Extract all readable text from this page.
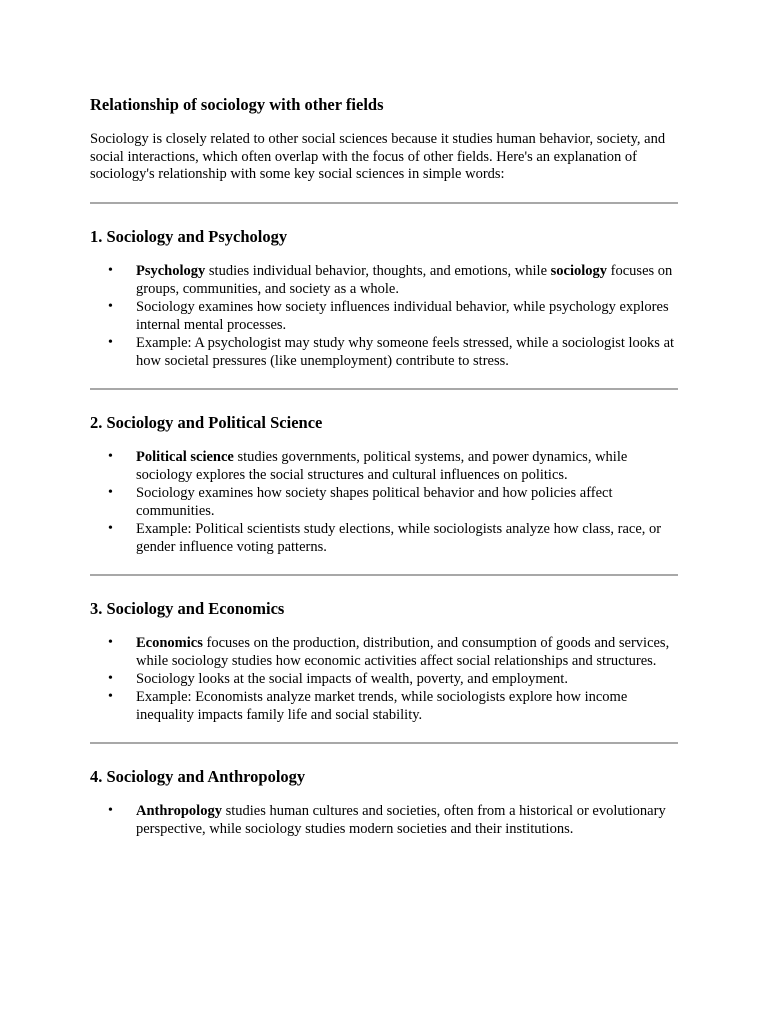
Relationship of sociology with other fields

Sociology is closely related to other social sciences because it studies human behavior, society, and social interactions, which often overlap with the focus of other fields. Here's an explanation of sociology's relationship with some key social sciences in simple words:

1. Sociology and Psychology
• Psychology studies individual behavior, thoughts, and emotions, while sociology focuses on groups, communities, and society as a whole.
• Sociology examines how society influences individual behavior, while psychology explores internal mental processes.
• Example: A psychologist may study why someone feels stressed, while a sociologist looks at how societal pressures (like unemployment) contribute to stress.
2. Sociology and Political Science
• Political science studies governments, political systems, and power dynamics, while sociology explores the social structures and cultural influences on politics.
• Sociology examines how society shapes political behavior and how policies affect communities.
• Example: Political scientists study elections, while sociologists analyze how class, race, or gender influence voting patterns.
3. Sociology and Economics
• Economics focuses on the production, distribution, and consumption of goods and services, while sociology studies how economic activities affect social relationships and structures.
• Sociology looks at the social impacts of wealth, poverty, and employment.
• Example: Economists analyze market trends, while sociologists explore how income inequality impacts family life and social stability.
4. Sociology and Anthropology
• Anthropology studies human cultures and societies, often from a historical or evolutionary perspective, while sociology studies modern societies and their institutions.
